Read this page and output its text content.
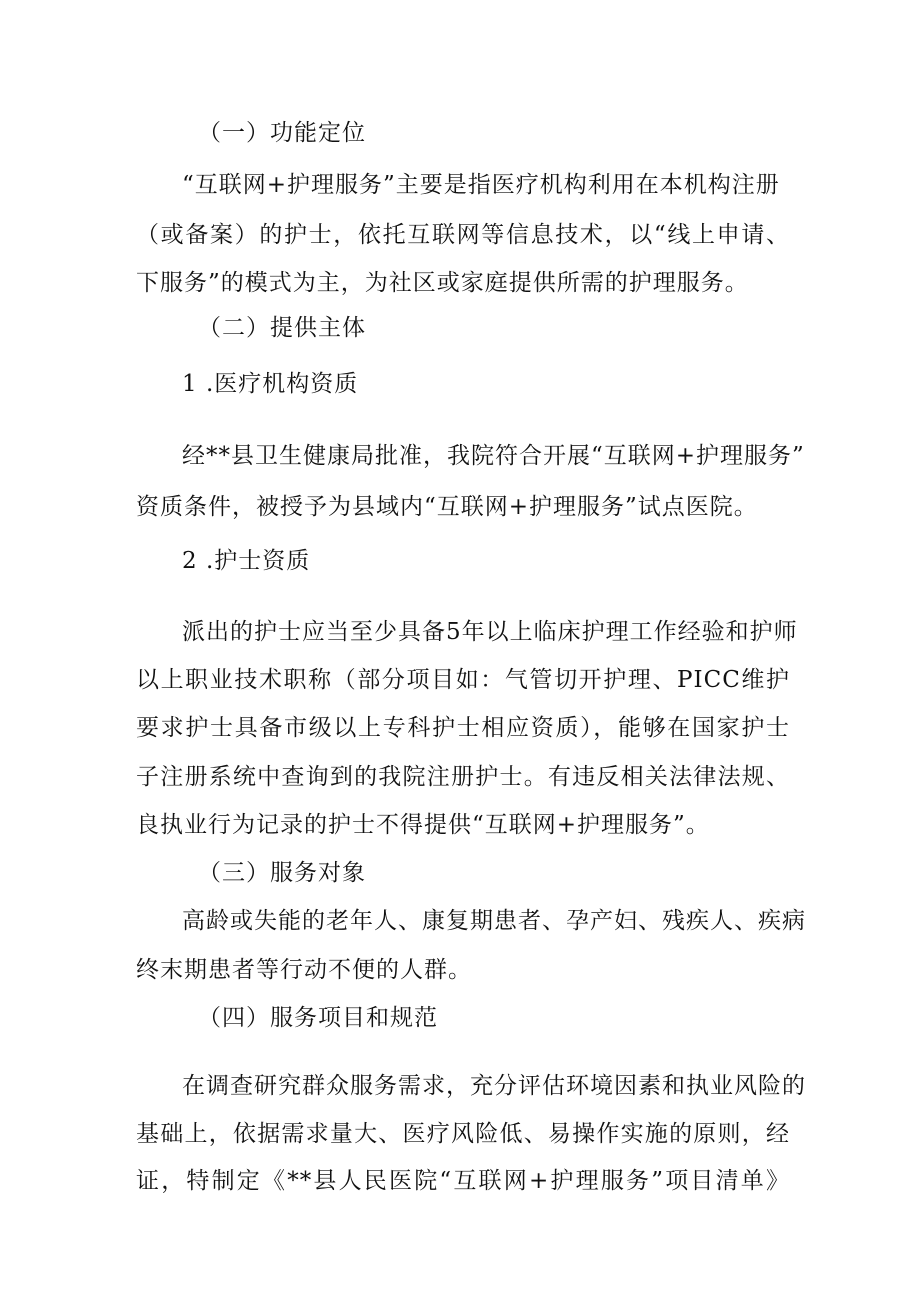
（一）功能定位
“互联网+护理服务”主要是指医疗机构利用在本机构注册
（或备案）的护士，依托互联网等信息技术，以“线上申请、
下服务”的模式为主，为社区或家庭提供所需的护理服务。
（二）提供主体
1 .医疗机构资质
经**县卫生健康局批准，我院符合开展“互联网+护理服务”
资质条件，被授予为县域内“互联网+护理服务”试点医院。
2 .护士资质
派出的护士应当至少具备5年以上临床护理工作经验和护师
以上职业技术职称（部分项目如：气管切开护理、PICC维护
要求护士具备市级以上专科护士相应资质），能够在国家护士
子注册系统中查询到的我院注册护士。有违反相关法律法规、
良执业行为记录的护士不得提供“互联网+护理服务”。
（三）服务对象
高龄或失能的老年人、康复期患者、孕产妇、残疾人、疾病
终末期患者等行动不便的人群。
（四）服务项目和规范
在调查研究群众服务需求，充分评估环境因素和执业风险的
基础上，依据需求量大、医疗风险低、易操作实施的原则，经
证，特制定《**县人民医院“互联网+护理服务”项目清单》
